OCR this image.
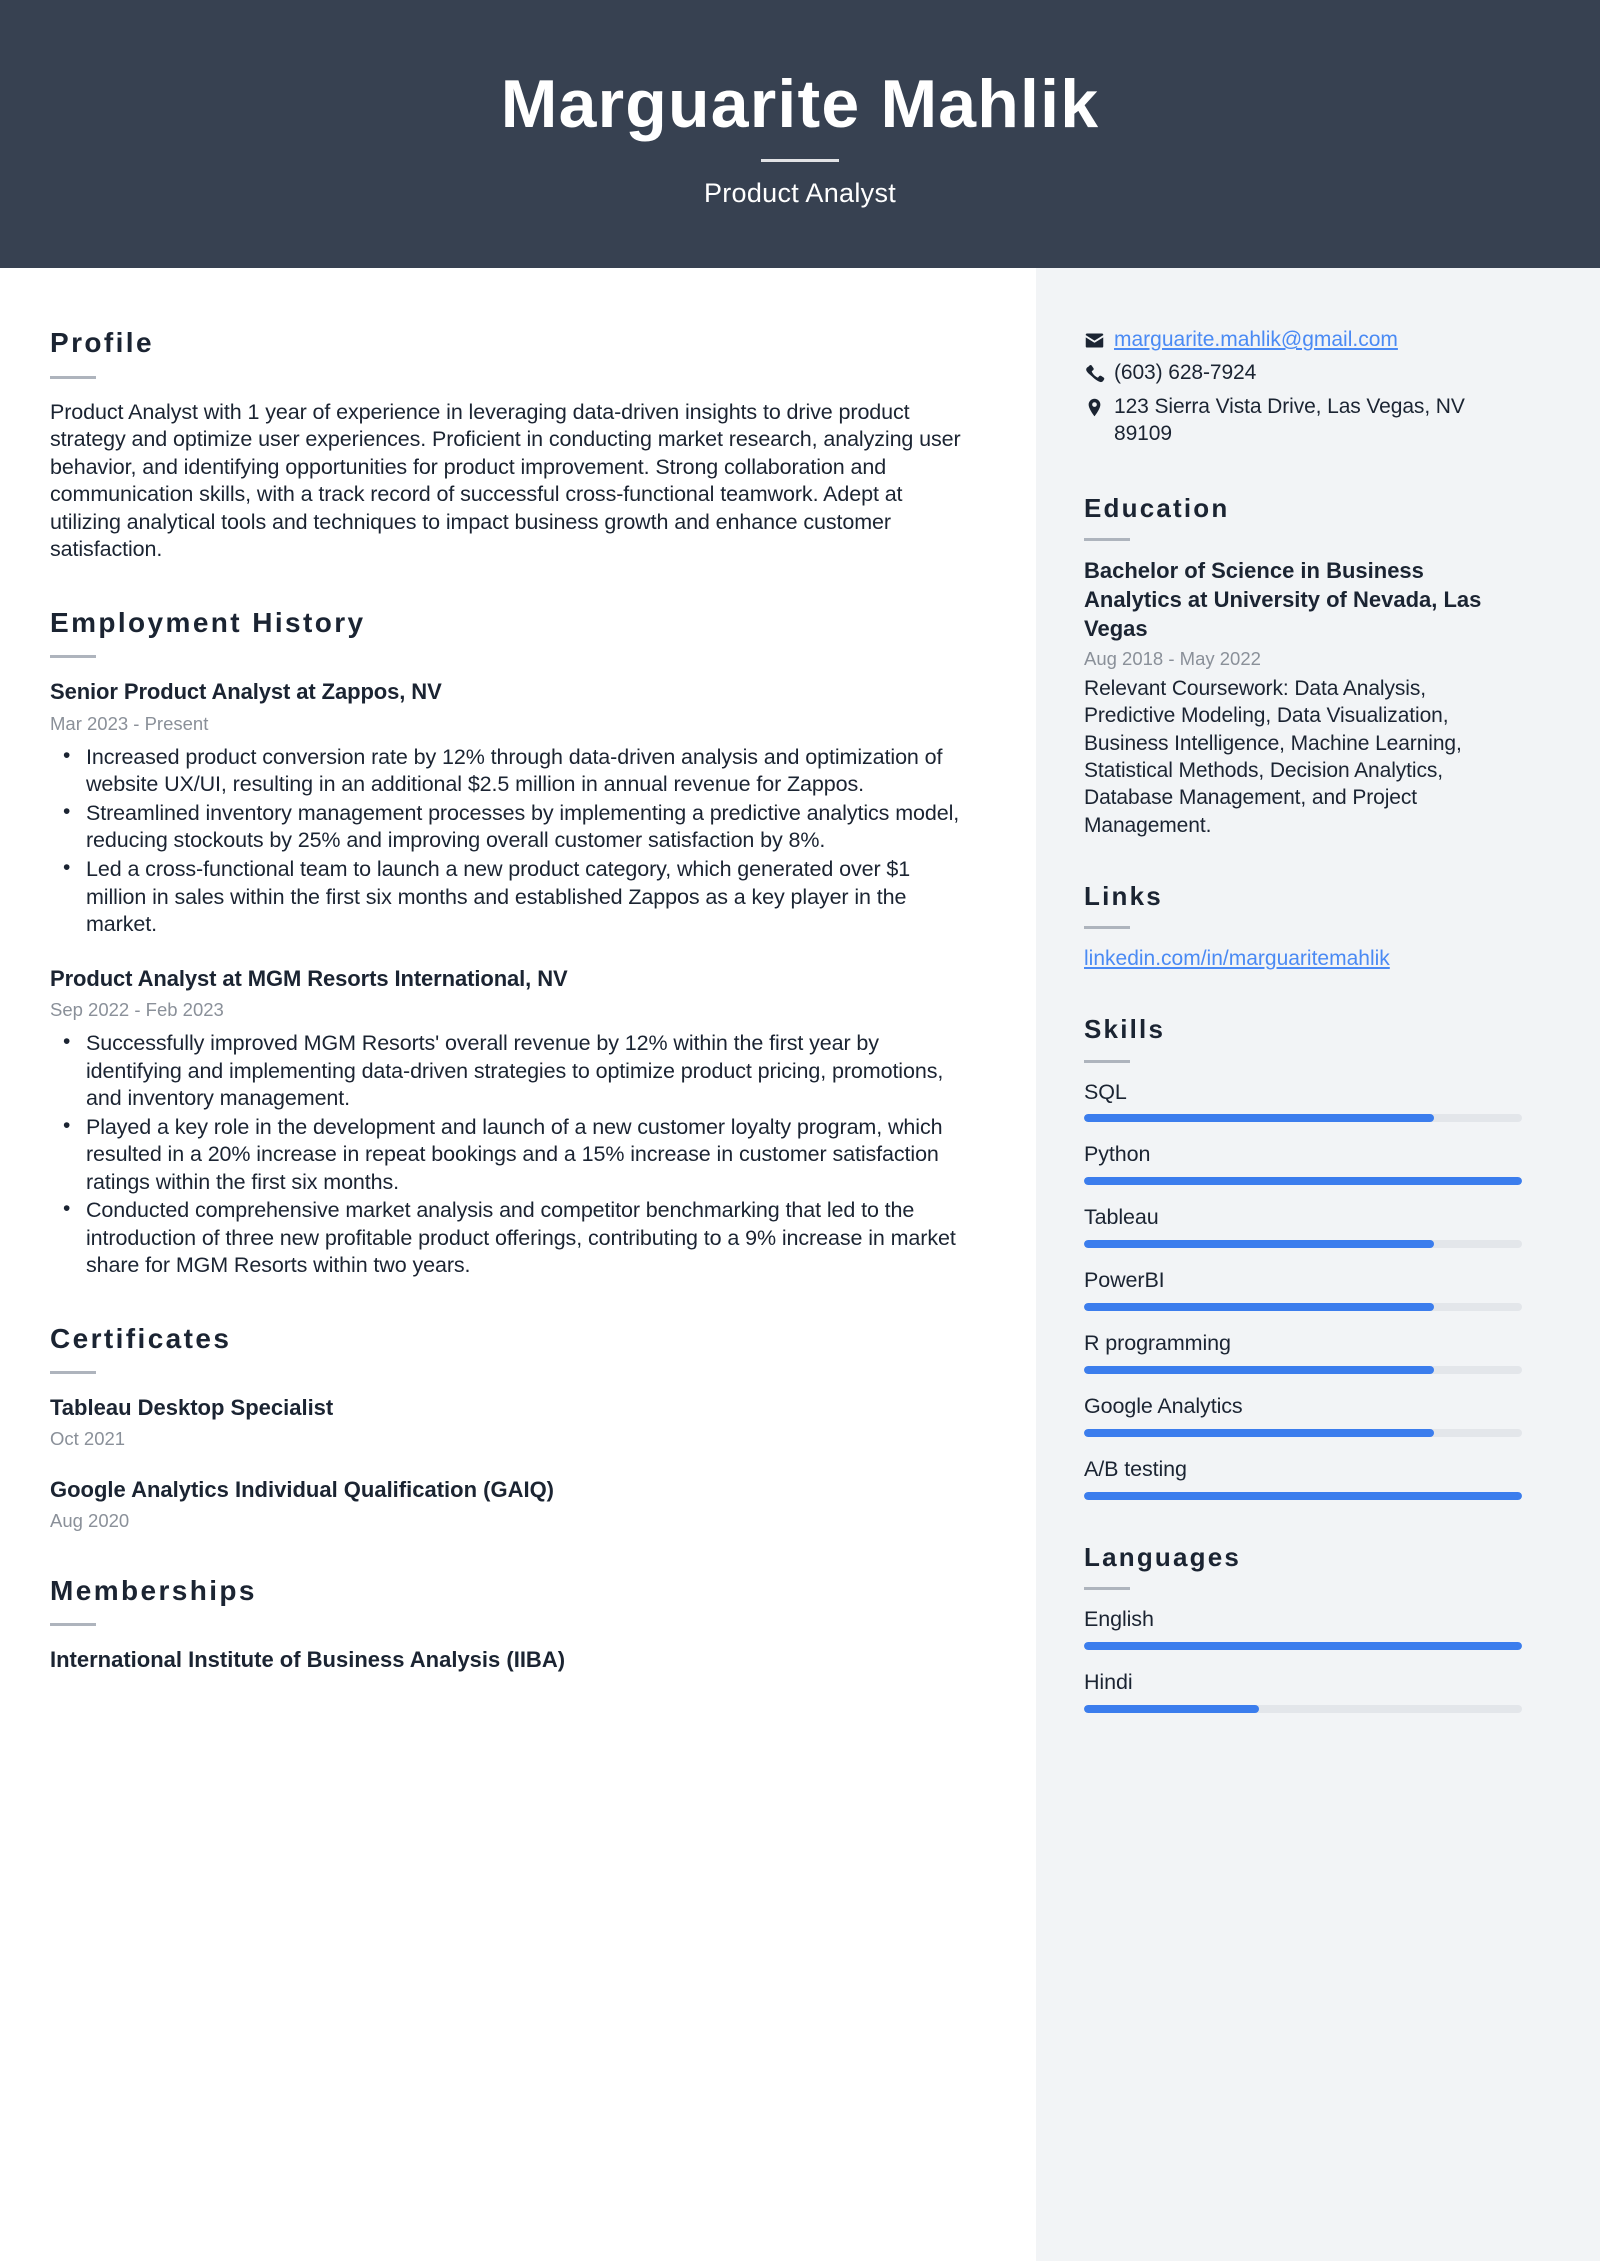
Marguarite Mahlik
Product Analyst
Profile
Product Analyst with 1 year of experience in leveraging data-driven insights to drive product strategy and optimize user experiences. Proficient in conducting market research, analyzing user behavior, and identifying opportunities for product improvement. Strong collaboration and communication skills, with a track record of successful cross-functional teamwork. Adept at utilizing analytical tools and techniques to impact business growth and enhance customer satisfaction.
Employment History
Senior Product Analyst at Zappos, NV
Mar 2023 - Present
• Increased product conversion rate by 12% through data-driven analysis and optimization of website UX/UI, resulting in an additional $2.5 million in annual revenue for Zappos.
• Streamlined inventory management processes by implementing a predictive analytics model, reducing stockouts by 25% and improving overall customer satisfaction by 8%.
• Led a cross-functional team to launch a new product category, which generated over $1 million in sales within the first six months and established Zappos as a key player in the market.
Product Analyst at MGM Resorts International, NV
Sep 2022 - Feb 2023
• Successfully improved MGM Resorts' overall revenue by 12% within the first year by identifying and implementing data-driven strategies to optimize product pricing, promotions, and inventory management.
• Played a key role in the development and launch of a new customer loyalty program, which resulted in a 20% increase in repeat bookings and a 15% increase in customer satisfaction ratings within the first six months.
• Conducted comprehensive market analysis and competitor benchmarking that led to the introduction of three new profitable product offerings, contributing to a 9% increase in market share for MGM Resorts within two years.
Certificates
Tableau Desktop Specialist
Oct 2021
Google Analytics Individual Qualification (GAIQ)
Aug 2020
Memberships
International Institute of Business Analysis (IIBA)
marguarite.mahlik@gmail.com
(603) 628-7924
123 Sierra Vista Drive, Las Vegas, NV 89109
Education
Bachelor of Science in Business Analytics at University of Nevada, Las Vegas
Aug 2018 - May 2022
Relevant Coursework: Data Analysis, Predictive Modeling, Data Visualization, Business Intelligence, Machine Learning, Statistical Methods, Decision Analytics, Database Management, and Project Management.
Links
linkedin.com/in/marguaritemahlik
Skills
SQL
Python
Tableau
PowerBI
R programming
Google Analytics
A/B testing
Languages
English
Hindi
